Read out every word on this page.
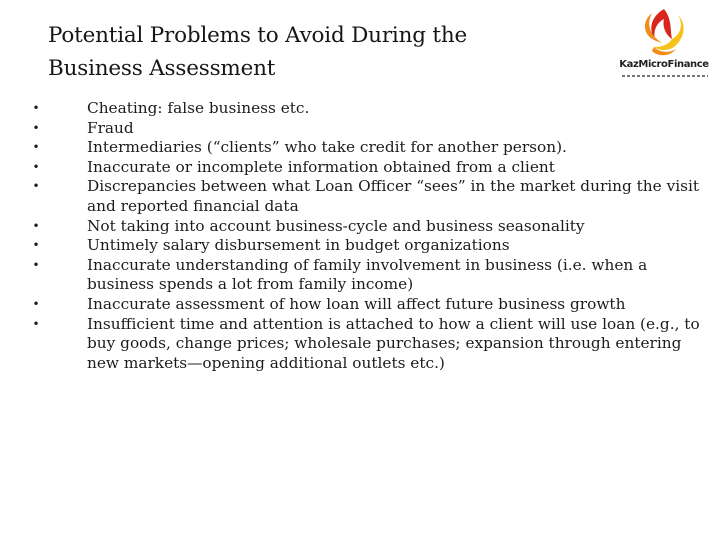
Potential Problems to Avoid During the Business Assessment	KazMicroFinance
•	Cheating: false business etc.
•	Fraud
•	Intermediaries (“clients” who take credit for another person).
•	Inaccurate or incomplete information obtained from a client
•	Discrepancies between what Loan Officer “sees” in the market during the visit and reported financial data
•	Not taking into account business-cycle and business seasonality
•	Untimely salary disbursement in budget organizations
•	Inaccurate understanding of family involvement in business (i.e. when a business spends a lot from family income)
•	Inaccurate assessment of how loan will affect future business growth
•	Insufficient time and attention is attached to how a client will use loan (e.g., to buy goods, change prices; wholesale purchases; expansion through entering new markets—opening additional outlets etc.)
